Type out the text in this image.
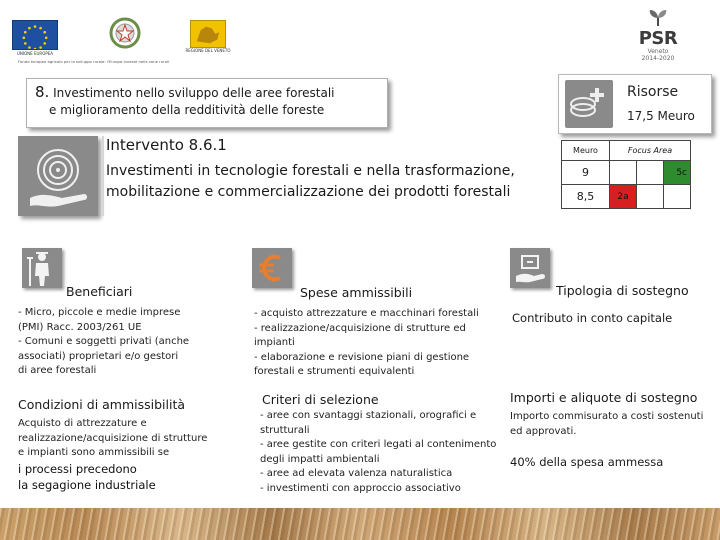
UNIONE EUROPEA
REGIONE DEL VENETO
Fondo europeo agricolo per lo sviluppo rurale: l'Europa investe nelle zone rurali
PSR
Veneto
2014-2020
8. Investimento nello sviluppo delle aree forestali
e miglioramento della redditività delle foreste
Risorse
17,5 Meuro
Intervento 8.6.1
Investimenti in tecnologie forestali e nella trasformazione, mobilitazione e commercializzazione dei prodotti forestali
Meuro	Focus Area		
9			5c
8,5	2a		
Beneficiari
- Micro, piccole e medie imprese
(PMI) Racc. 2003/261 UE
- Comuni e soggetti privati (anche
associati) proprietari e/o gestori
di aree forestali
Spese ammissibili
- acquisto attrezzature e macchinari forestali
- realizzazione/acquisizione di strutture ed
impianti
- elaborazione e revisione piani di gestione
forestali e strumenti equivalenti
Tipologia di sostegno
Contributo in conto capitale
Condizioni di ammissibilità
Acquisto di attrezzature e
realizzazione/acquisizione di strutture
e impianti sono ammissibili se
i processi precedono
la segagione industriale
Criteri di selezione
- aree con svantaggi stazionali, orografici e
strutturali
- aree gestite con criteri legati al contenimento
degli impatti ambientali
- aree ad elevata valenza naturalistica
- investimenti con approccio associativo
Importi e aliquote di sostegno
Importo commisurato a costi sostenuti
ed approvati.
40% della spesa ammessa
